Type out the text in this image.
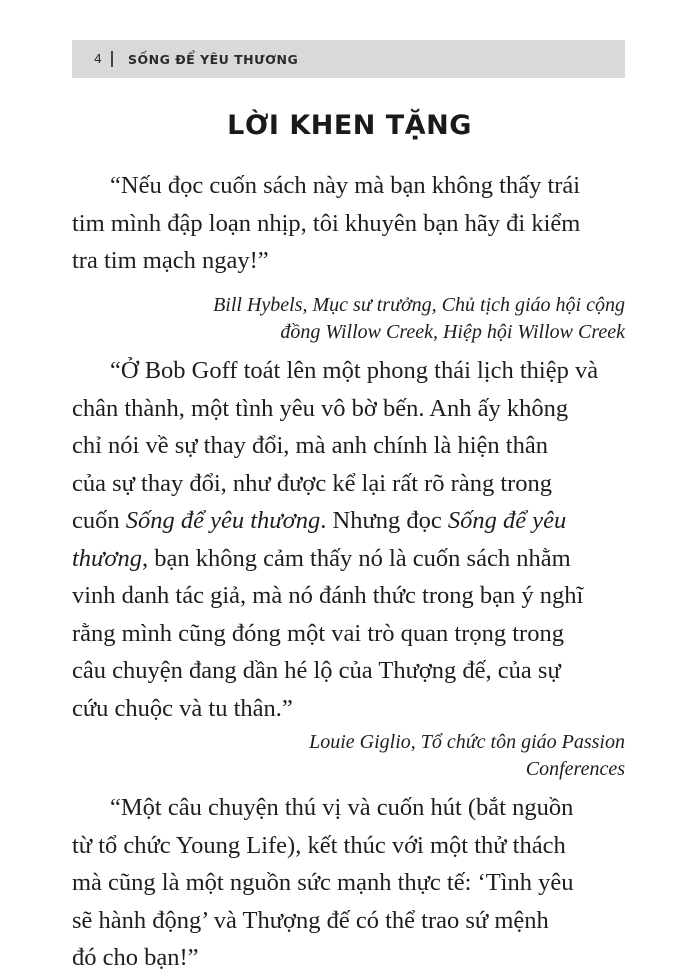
4 SỐNG ĐỂ YÊU THƯƠNG
LỜI KHEN TẶNG
“Nếu đọc cuốn sách này mà bạn không thấy trái
tim mình đập loạn nhịp, tôi khuyên bạn hãy đi kiểm
tra tim mạch ngay!”
Bill Hybels, Mục sư trưởng, Chủ tịch giáo hội cộng
đồng Willow Creek, Hiệp hội Willow Creek
“Ở Bob Goff toát lên một phong thái lịch thiệp và
chân thành, một tình yêu vô bờ bến. Anh ấy không
chỉ nói về sự thay đổi, mà anh chính là hiện thân
của sự thay đổi, như được kể lại rất rõ ràng trong
cuốn Sống để yêu thương. Nhưng đọc Sống để yêu
thương, bạn không cảm thấy nó là cuốn sách nhằm
vinh danh tác giả, mà nó đánh thức trong bạn ý nghĩ
rằng mình cũng đóng một vai trò quan trọng trong
câu chuyện đang dần hé lộ của Thượng đế, của sự
cứu chuộc và tu thân.”
Louie Giglio, Tổ chức tôn giáo Passion
Conferences
“Một câu chuyện thú vị và cuốn hút (bắt nguồn
từ tổ chức Young Life), kết thúc với một thử thách
mà cũng là một nguồn sức mạnh thực tế: ‘Tình yêu
sẽ hành động’ và Thượng đế có thể trao sứ mệnh
đó cho bạn!”
